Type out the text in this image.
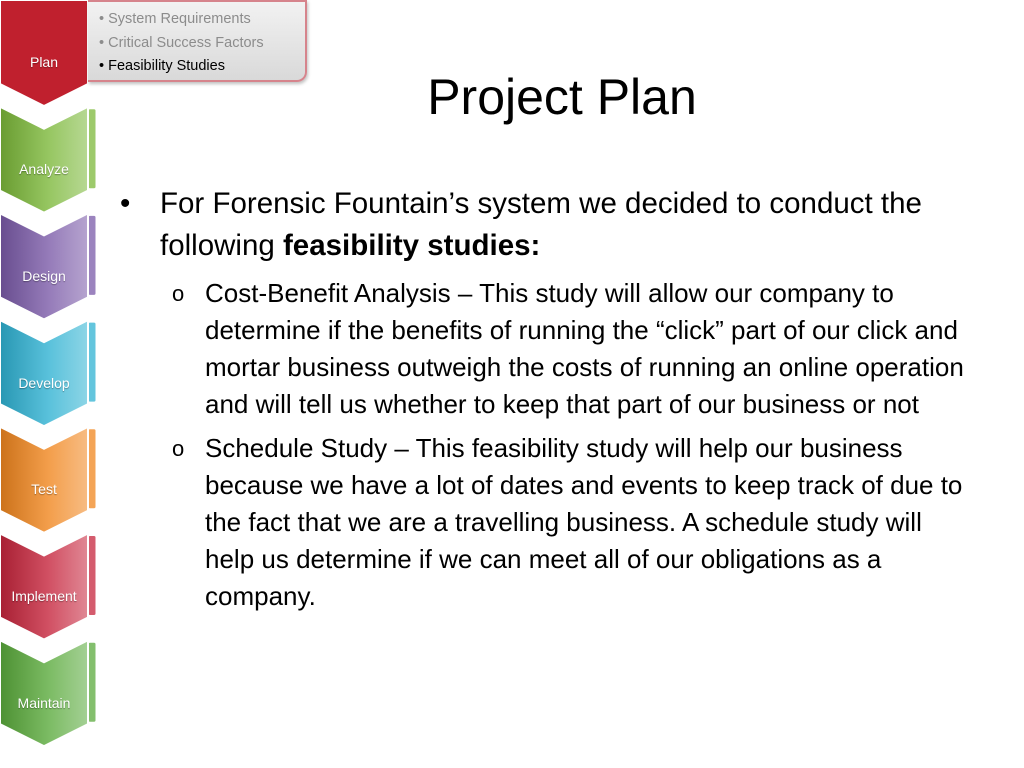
Plan
Analyze
Design
Develop
Test
Implement
Maintain
• System Requirements
• Critical Success Factors
• Feasibility Studies
Project Plan
•	For Forensic Fountain’s system we decided to conduct the following feasibility studies:
o Cost-Benefit Analysis – This study will allow our company to determine if the benefits of running the “click” part of our click and mortar business outweigh the costs of running an online operation and will tell us whether to keep that part of our business or not
o Schedule Study – This feasibility study will help our business because we have a lot of dates and events to keep track of due to the fact that we are a travelling business. A schedule study will help us determine if we can meet all of our obligations as a company.
